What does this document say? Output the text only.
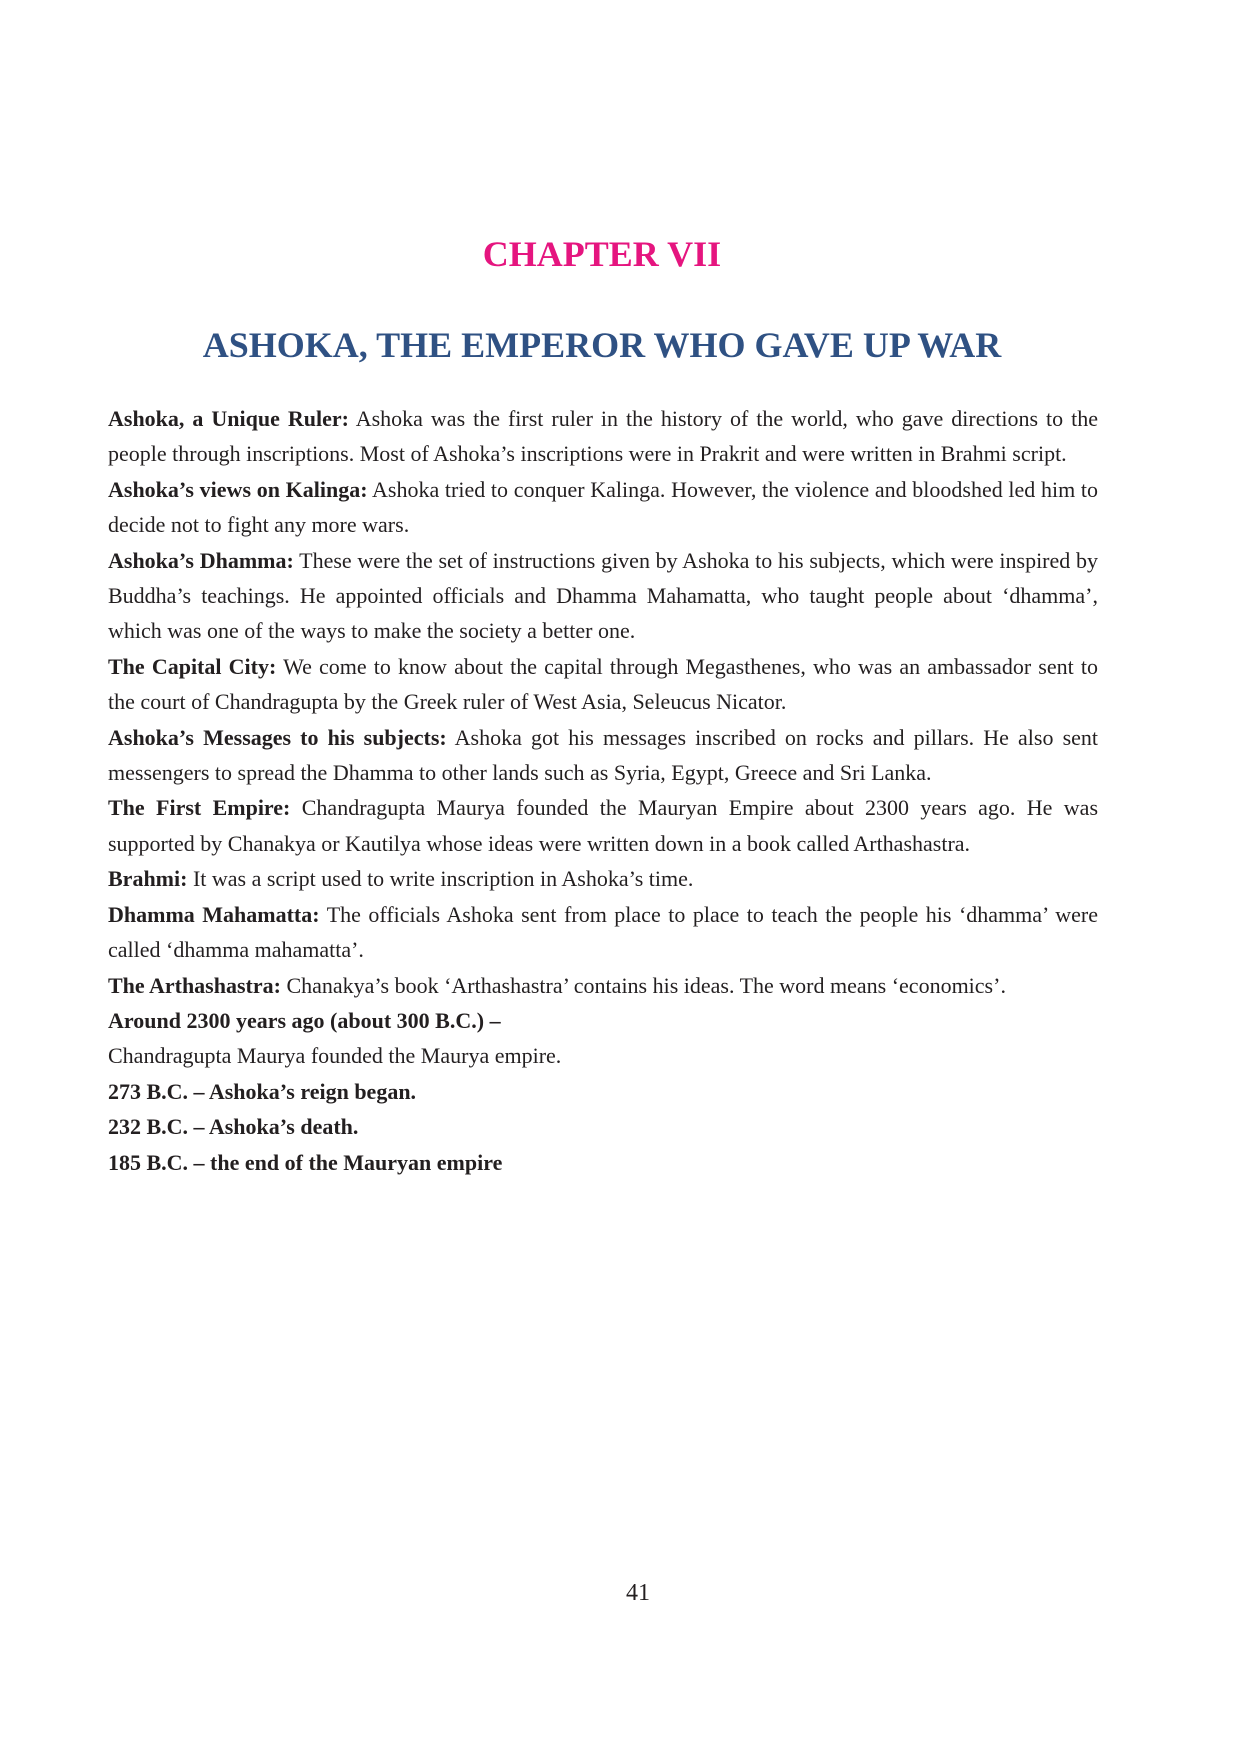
CHAPTER VII
ASHOKA, THE EMPEROR WHO GAVE UP WAR

Ashoka, a Unique Ruler: Ashoka was the first ruler in the history of the world, who gave directions to the people through inscriptions. Most of Ashoka’s inscriptions were in Prakrit and were written in Brahmi script.

Ashoka’s views on Kalinga: Ashoka tried to conquer Kalinga. However, the violence and bloodshed led him to decide not to fight any more wars.

Ashoka’s Dhamma: These were the set of instructions given by Ashoka to his subjects, which were inspired by Buddha’s teachings. He appointed officials and Dhamma Mahamatta, who taught people about ‘dhamma’, which was one of the ways to make the society a better one.

The Capital City: We come to know about the capital through Megasthenes, who was an ambassador sent to the court of Chandragupta by the Greek ruler of West Asia, Seleucus Nicator.

Ashoka’s Messages to his subjects: Ashoka got his messages inscribed on rocks and pillars. He also sent messengers to spread the Dhamma to other lands such as Syria, Egypt, Greece and Sri Lanka.

The First Empire: Chandragupta Maurya founded the Mauryan Empire about 2300 years ago. He was supported by Chanakya or Kautilya whose ideas were written down in a book called Arthashastra.

Brahmi: It was a script used to write inscription in Ashoka’s time.

Dhamma Mahamatta: The officials Ashoka sent from place to place to teach the people his ‘dhamma’ were called ‘dhamma mahamatta’.

The Arthashastra: Chanakya’s book ‘Arthashastra’ contains his ideas. The word means ‘economics’.

Around 2300 years ago (about 300 B.C.) –

Chandragupta Maurya founded the Maurya empire.

273 B.C. – Ashoka’s reign began.

232 B.C. – Ashoka’s death.

185 B.C. – the end of the Mauryan empire

41
